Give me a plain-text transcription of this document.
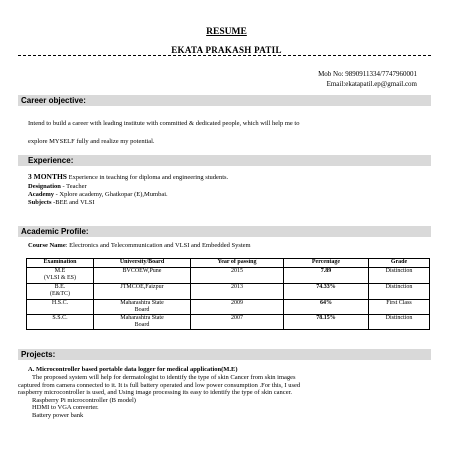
RESUME
EKATA PRAKASH PATIL
Mob No: 9890911334/7747960001
Email:ekatapatil.ep@gmail.com
Career objective:
Intend to build a career with leading institute with committed & dedicated people, which will help me to
explore MYSELF fully and realize my potential.
Experience:
3 MONTHS Experience in teaching for diploma and engineering students.
Designation - Teacher
Academy - Xplore academy, Ghatkopar (E),Mumbai.
Subjects -BEE and VLSI
Academic Profile:
Course Name: Electronics and Telecommunication and VLSI and Embedded System
Examination	University/Board	Year of passing	Percentage	Grade

M.E
(VLSI & ES)	BVCOEW,Pune	2015	7.89	Distinction

B.E.
(E&TC)	JTMCOE,Faizpur	2013	74.33%	Distinction
H.S.C.	Maharashtra State
Board	2009	64%	First Class
S.S.C.	Maharashtra State
Board	2007	78.15%	Distinction
Projects:
A. Microcontroller based portable data logger for medical application(M.E)
The proposed system will help for dermatologist to identify the type of skin Cancer from skin images
captured from camera connected to it. It is full battery operated and low power consumption .For this, I used
raspberry microcontroller is used, and Using image processing its easy to identify the type of skin cancer.
Raspberry Pi microcontroller (B model)
HDMI to VGA converter.
Battery power bank
